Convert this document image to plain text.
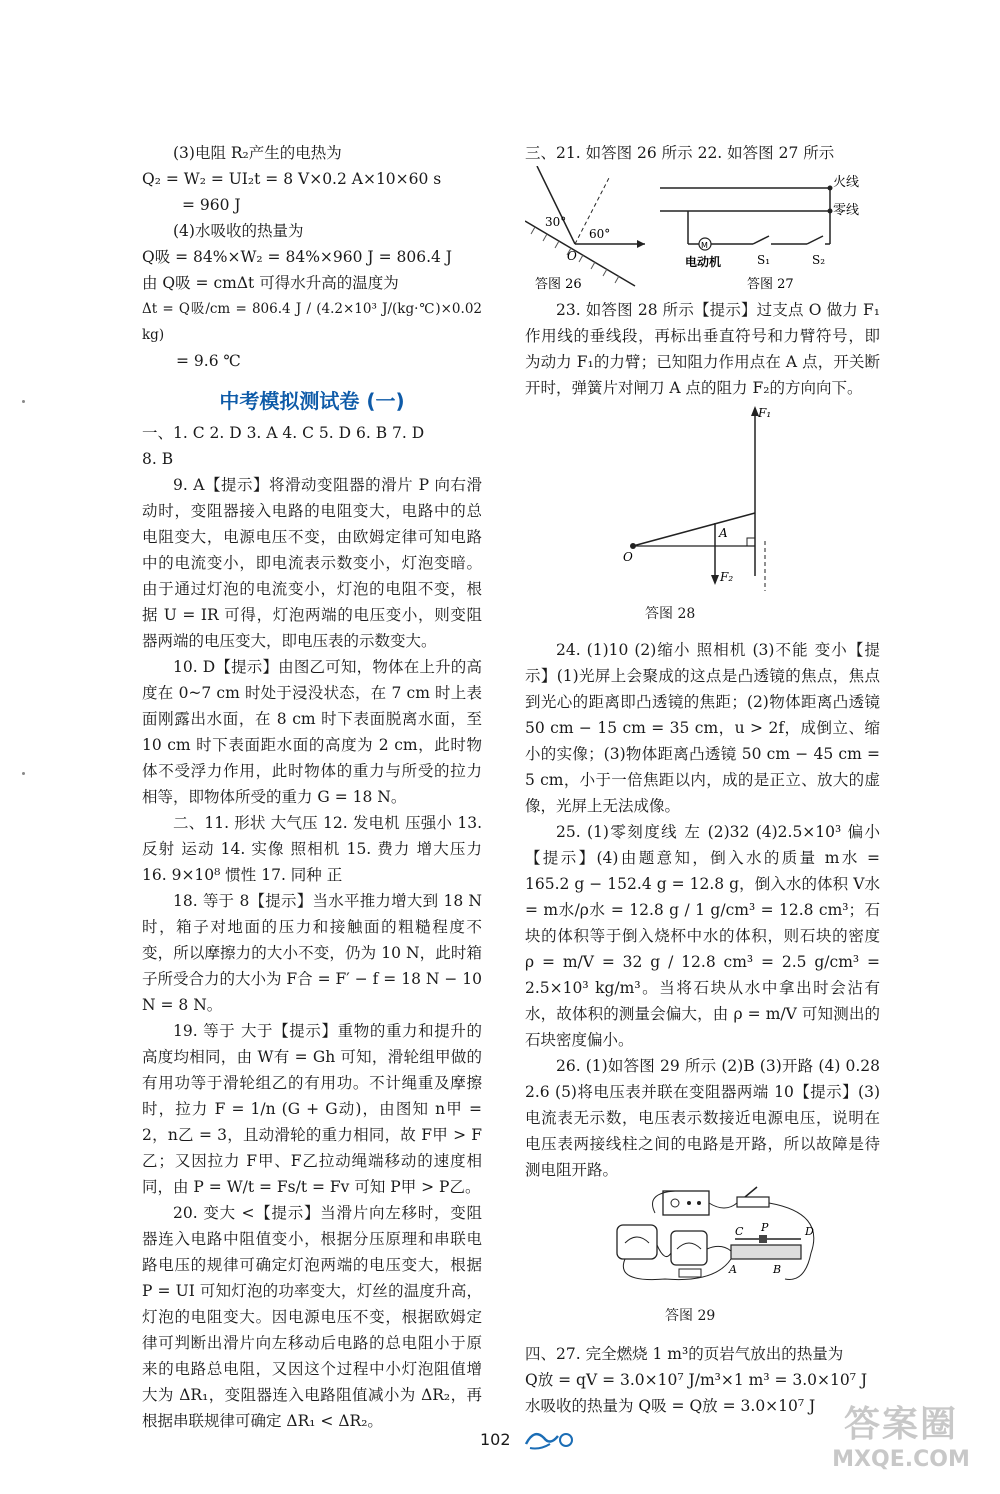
(3)电阻 R₂产生的电热为

Q₂ = W₂ = UI₂t = 8 V×0.2 A×10×60 s

= 960 J

(4)水吸收的热量为

Q吸 = 84%×W₂ = 84%×960 J = 806.4 J

由 Q吸 = cmΔt 可得水升高的温度为

Δt = Q吸/cm = 806.4 J / (4.2×10³ J/(kg·℃)×0.02 kg)

= 9.6 ℃

中考模拟测试卷 (一)

一、1. C 2. D 3. A 4. C 5. D 6. B 7. D

8. B

9. A【提示】将滑动变阻器的滑片 P 向右滑动时，变阻器接入电路的电阻变大，电路中的总电阻变大，电源电压不变，由欧姆定律可知电路中的电流变小，即电流表示数变小，灯泡变暗。由于通过灯泡的电流变小，灯泡的电阻不变，根据 U = IR 可得，灯泡两端的电压变小，则变阻器两端的电压变大，即电压表的示数变大。

10. D【提示】由图乙可知，物体在上升的高度在 0~7 cm 时处于浸没状态，在 7 cm 时上表面刚露出水面，在 8 cm 时下表面脱离水面，至 10 cm 时下表面距水面的高度为 2 cm，此时物体不受浮力作用，此时物体的重力与所受的拉力相等，即物体所受的重力 G = 18 N。

二、11. 形状 大气压 12. 发电机 压强小 13. 反射 运动 14. 实像 照相机 15. 费力 增大压力 16. 9×10⁸ 惯性 17. 同种 正

18. 等于 8【提示】当水平推力增大到 18 N 时，箱子对地面的压力和接触面的粗糙程度不变，所以摩擦力的大小不变，仍为 10 N，此时箱子所受合力的大小为 F合 = F′ − f = 18 N − 10 N = 8 N。

19. 等于 大于【提示】重物的重力和提升的高度均相同，由 W有 = Gh 可知，滑轮组甲做的有用功等于滑轮组乙的有用功。不计绳重及摩擦时，拉力 F = 1/n (G + G动)，由图知 n甲 = 2，n乙 = 3，且动滑轮的重力相同，故 F甲 > F乙；又因拉力 F甲、F乙拉动绳端移动的速度相同，由 P = W/t = Fs/t = Fv 可知 P甲 > P乙。

20. 变大 <【提示】当滑片向左移时，变阻器连入电路中阻值变小，根据分压原理和串联电路电压的规律可确定灯泡两端的电压变大，根据 P = UI 可知灯泡的功率变大，灯丝的温度升高，灯泡的电阻变大。因电源电压不变，根据欧姆定律可判断出滑片向左移动后电路的总电阻小于原来的电路总电阻，又因这个过程中小灯泡阻值增大为 ΔR₁，变阻器连入电路阻值减小为 ΔR₂，再根据串联规律可确定 ΔR₁ < ΔR₂。

三、21. 如答图 26 所示 22. 如答图 27 所示

30°
60°
O
火线
零线
M
电动机	S₁	S₂
答图 26	答图 27

23. 如答图 28 所示【提示】过支点 O 做力 F₁作用线的垂线段，再标出垂直符号和力臂符号，即为动力 F₁的力臂；已知阻力作用点在 A 点，开关断开时，弹簧片对闸刀 A 点的阻力 F₂的方向向下。

F₁
F₂
A
O

答图 28

24. (1)10 (2)缩小 照相机 (3)不能 变小【提示】(1)光屏上会聚成的这点是凸透镜的焦点，焦点到光心的距离即凸透镜的焦距；(2)物体距离凸透镜 50 cm − 15 cm = 35 cm，u > 2f，成倒立、缩小的实像；(3)物体距离凸透镜 50 cm − 45 cm = 5 cm，小于一倍焦距以内，成的是正立、放大的虚像，光屏上无法成像。

25. (1)零刻度线 左 (2)32 (4)2.5×10³ 偏小【提示】(4)由题意知，倒入水的质量 m水 = 165.2 g − 152.4 g = 12.8 g，倒入水的体积 V水 = m水/ρ水 = 12.8 g / 1 g/cm³ = 12.8 cm³；石块的体积等于倒入烧杯中水的体积，则石块的密度 ρ = m/V = 32 g / 12.8 cm³ = 2.5 g/cm³ = 2.5×10³ kg/m³。当将石块从水中拿出时会沾有水，故体积的测量会偏大，由 ρ = m/V 可知测出的石块密度偏小。

26. (1)如答图 29 所示 (2)B (3)开路 (4) 0.28 2.6 (5)将电压表并联在变阻器两端 10【提示】(3)电流表无示数，电压表示数接近电源电压，说明在电压表两接线柱之间的电路是开路，所以故障是待测电阻开路。

C P	D
A	B

答图 29

四、27. 完全燃烧 1 m³的页岩气放出的热量为

Q放 = qV = 3.0×10⁷ J/m³×1 m³ = 3.0×10⁷ J

水吸收的热量为 Q吸 = Q放 = 3.0×10⁷ J

102	答案圈
MXQE.COM
